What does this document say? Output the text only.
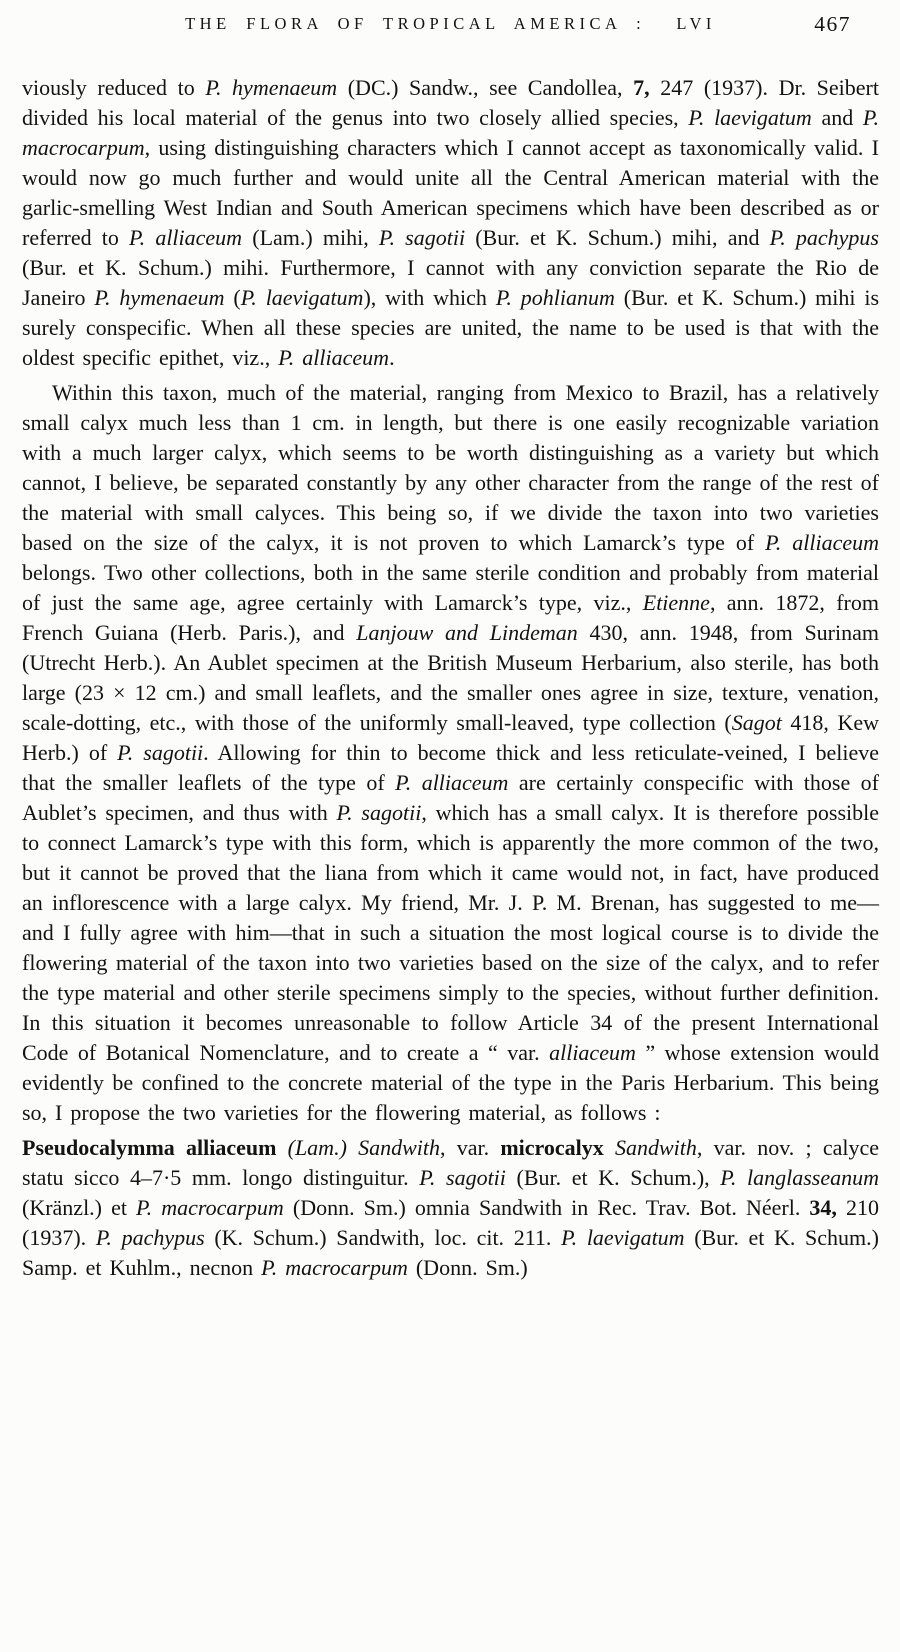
THE FLORA OF TROPICAL AMERICA :  LVI	467

viously reduced to P. hymenaeum (DC.) Sandw., see Candollea, 7, 247 (1937). Dr. Seibert divided his local material of the genus into two closely allied species, P. laevigatum and P. macrocarpum, using distinguishing characters which I cannot accept as taxonomically valid. I would now go much further and would unite all the Central American material with the garlic-smelling West Indian and South American specimens which have been described as or referred to P. alliaceum (Lam.) mihi, P. sagotii (Bur. et K. Schum.) mihi, and P. pachypus (Bur. et K. Schum.) mihi. Furthermore, I cannot with any conviction separate the Rio de Janeiro P. hymenaeum (P. laevigatum), with which P. pohlianum (Bur. et K. Schum.) mihi is surely conspecific. When all these species are united, the name to be used is that with the oldest specific epithet, viz., P. alliaceum.

Within this taxon, much of the material, ranging from Mexico to Brazil, has a relatively small calyx much less than 1 cm. in length, but there is one easily recognizable variation with a much larger calyx, which seems to be worth distinguishing as a variety but which cannot, I believe, be separated constantly by any other character from the range of the rest of the material with small calyces. This being so, if we divide the taxon into two varieties based on the size of the calyx, it is not proven to which Lamarck’s type of P. alliaceum belongs. Two other collections, both in the same sterile condition and probably from material of just the same age, agree certainly with Lamarck’s type, viz., Etienne, ann. 1872, from French Guiana (Herb. Paris.), and Lanjouw and Lindeman 430, ann. 1948, from Surinam (Utrecht Herb.). An Aublet specimen at the British Museum Herbarium, also sterile, has both large (23 × 12 cm.) and small leaflets, and the smaller ones agree in size, texture, venation, scale-dotting, etc., with those of the uniformly small-leaved, type collection (Sagot 418, Kew Herb.) of P. sagotii. Allowing for thin to become thick and less reticulate-veined, I believe that the smaller leaflets of the type of P. alliaceum are certainly conspecific with those of Aublet’s specimen, and thus with P. sagotii, which has a small calyx. It is therefore possible to connect Lamarck’s type with this form, which is apparently the more common of the two, but it cannot be proved that the liana from which it came would not, in fact, have produced an inflorescence with a large calyx. My friend, Mr. J. P. M. Brenan, has suggested to me—and I fully agree with him—that in such a situation the most logical course is to divide the flowering material of the taxon into two varieties based on the size of the calyx, and to refer the type material and other sterile specimens simply to the species, without further definition. In this situation it becomes unreasonable to follow Article 34 of the present International Code of Botanical Nomenclature, and to create a “ var. alliaceum ” whose extension would evidently be confined to the concrete material of the type in the Paris Herbarium. This being so, I propose the two varieties for the flowering material, as follows :

Pseudocalymma alliaceum (Lam.) Sandwith, var. microcalyx Sandwith, var. nov. ; calyce statu sicco 4–7·5 mm. longo distinguitur. P. sagotii (Bur. et K. Schum.), P. langlasseanum (Kränzl.) et P. macrocarpum (Donn. Sm.) omnia Sandwith in Rec. Trav. Bot. Néerl. 34, 210 (1937). P. pachypus (K. Schum.) Sandwith, loc. cit. 211. P. laevigatum (Bur. et K. Schum.) Samp. et Kuhlm., necnon P. macrocarpum (Donn. Sm.)
